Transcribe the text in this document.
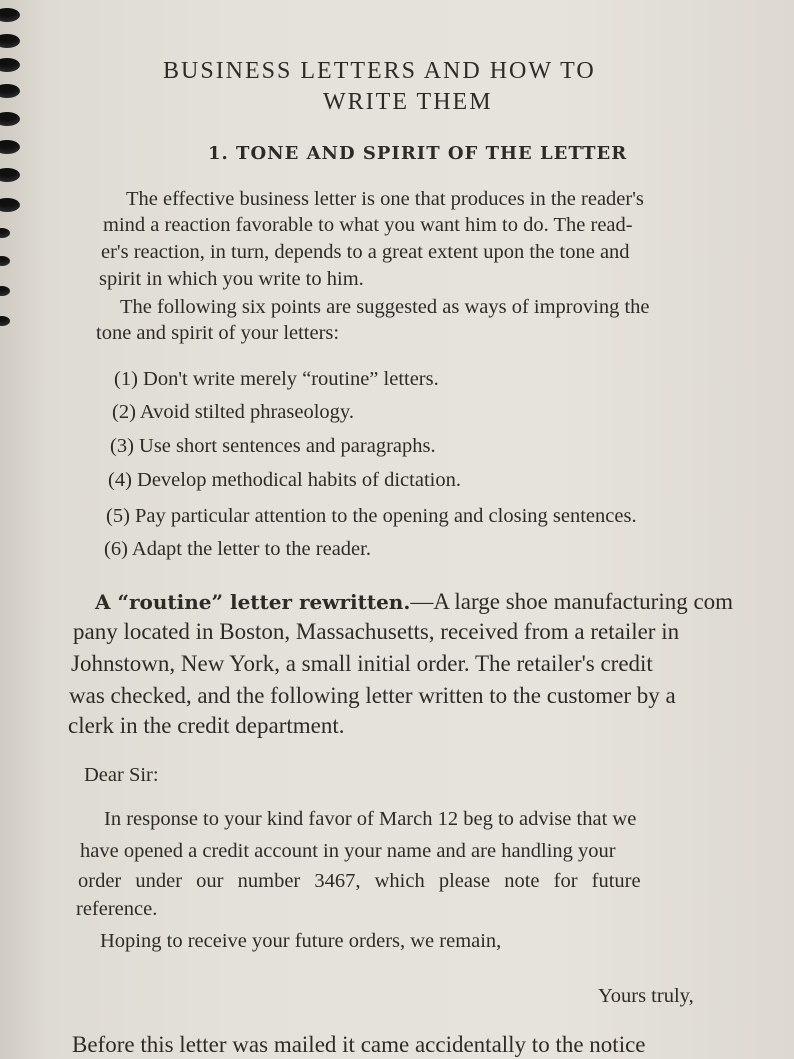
BUSINESS LETTERS AND HOW TO
WRITE THEM
1. TONE AND SPIRIT OF THE LETTER
The effective business letter is one that produces in the reader's
mind a reaction favorable to what you want him to do. The read-
er's reaction, in turn, depends to a great extent upon the tone and
spirit in which you write to him.
The following six points are suggested as ways of improving the
tone and spirit of your letters:
(1) Don't write merely “routine” letters.
(2) Avoid stilted phraseology.
(3) Use short sentences and paragraphs.
(4) Develop methodical habits of dictation.
(5) Pay particular attention to the opening and closing sentences.
(6) Adapt the letter to the reader.
A “routine” letter rewritten.—A large shoe manufacturing com
pany located in Boston, Massachusetts, received from a retailer in
Johnstown, New York, a small initial order. The retailer's credit
was checked, and the following letter written to the customer by a
clerk in the credit department.
Dear Sir:
In response to your kind favor of March 12 beg to advise that we
have opened a credit account in your name and are handling your
order under our number 3467, which please note for future
reference.
Hoping to receive your future orders, we remain,
Yours truly,
Before this letter was mailed it came accidentally to the notice
